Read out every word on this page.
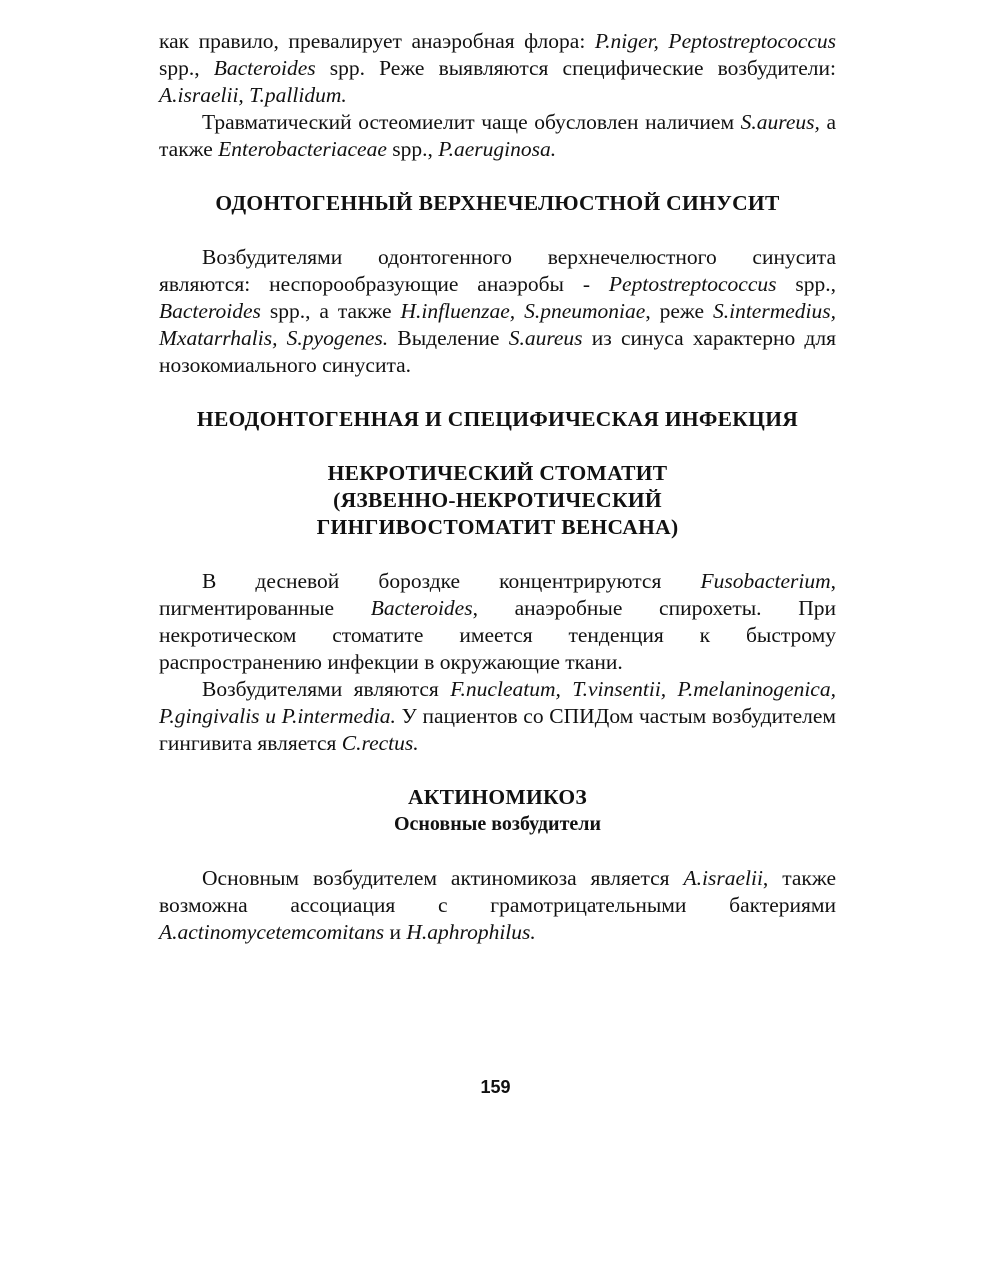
как правило, превалирует анаэробная флора: P.niger, Peptostreptococcus spp., Bacteroides spp. Реже выявляются специфические возбудители: A.israelii, T.pallidum.

Травматический остеомиелит чаще обусловлен наличием S.aureus, а также Enterobacteriaceae spp., P.aeruginosa.

ОДОНТОГЕННЫЙ ВЕРХНЕЧЕЛЮСТНОЙ СИНУСИТ

Возбудителями одонтогенного верхнечелюстного синусита являются: неспорообразующие анаэробы - Peptostreptococcus spp., Bacteroides spp., а также H.influenzae, S.pneumoniae, реже S.intermedius, Mxatarrhalis, S.pyogenes. Выделение S.aureus из синуса характерно для нозокомиального синусита.

НЕОДОНТОГЕННАЯ И СПЕЦИФИЧЕСКАЯ ИНФЕКЦИЯ
НЕКРОТИЧЕСКИЙ СТОМАТИТ
(ЯЗВЕННО-НЕКРОТИЧЕСКИЙ
ГИНГИВОСТОМАТИТ ВЕНСАНА)

В десневой бороздке концентрируются Fusobacterium, пигментированные Bacteroides, анаэробные спирохеты. При некротическом стоматите имеется тенденция к быстрому распространению инфекции в окружающие ткани.

Возбудителями являются F.nucleatum, T.vinsentii, P.melaninogenica, P.gingivalis и P.intermedia. У пациентов со СПИДом частым возбудителем гингивита является C.rectus.

АКТИНОМИКОЗ
Основные возбудители

Основным возбудителем актиномикоза является A.israelii, также возможна ассоциация с грамотрицательными бактериями A.actinomycetemcomitans и H.aphrophilus.

159
